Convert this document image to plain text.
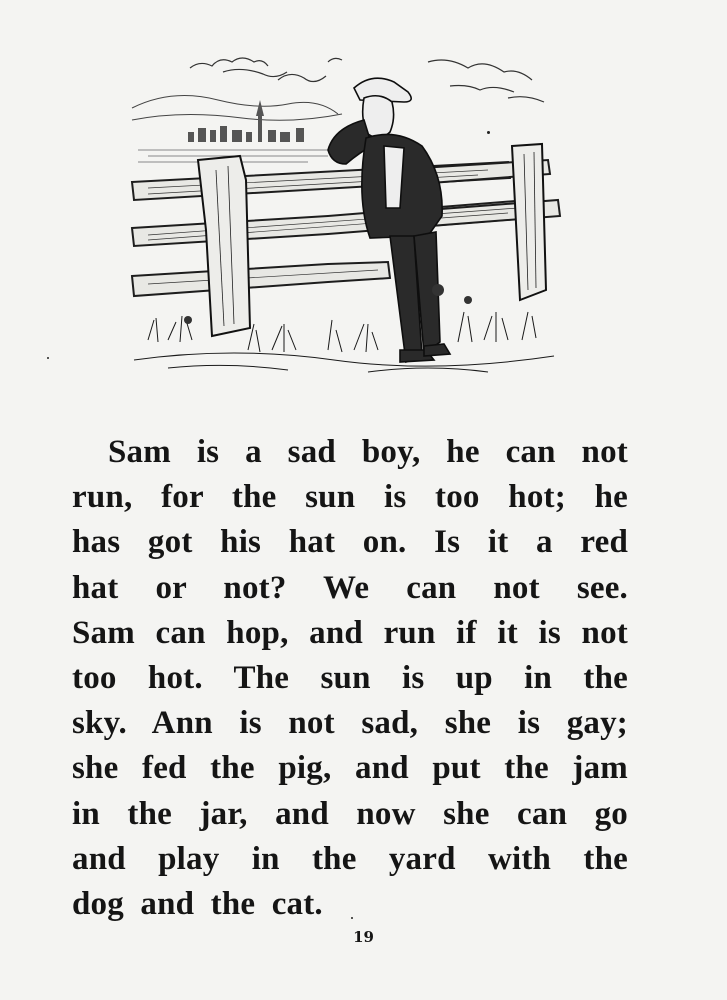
Sam is a sad boy, he can not
run, for the sun is too hot; he
has got his hat on. Is it a red
hat or not? We can not see.
Sam can hop, and run if it is not
too hot. The sun is up in the
sky. Ann is not sad, she is gay;
she fed the pig, and put the jam
in the jar, and now she can go
and play in the yard with the
dog and the cat.
19
